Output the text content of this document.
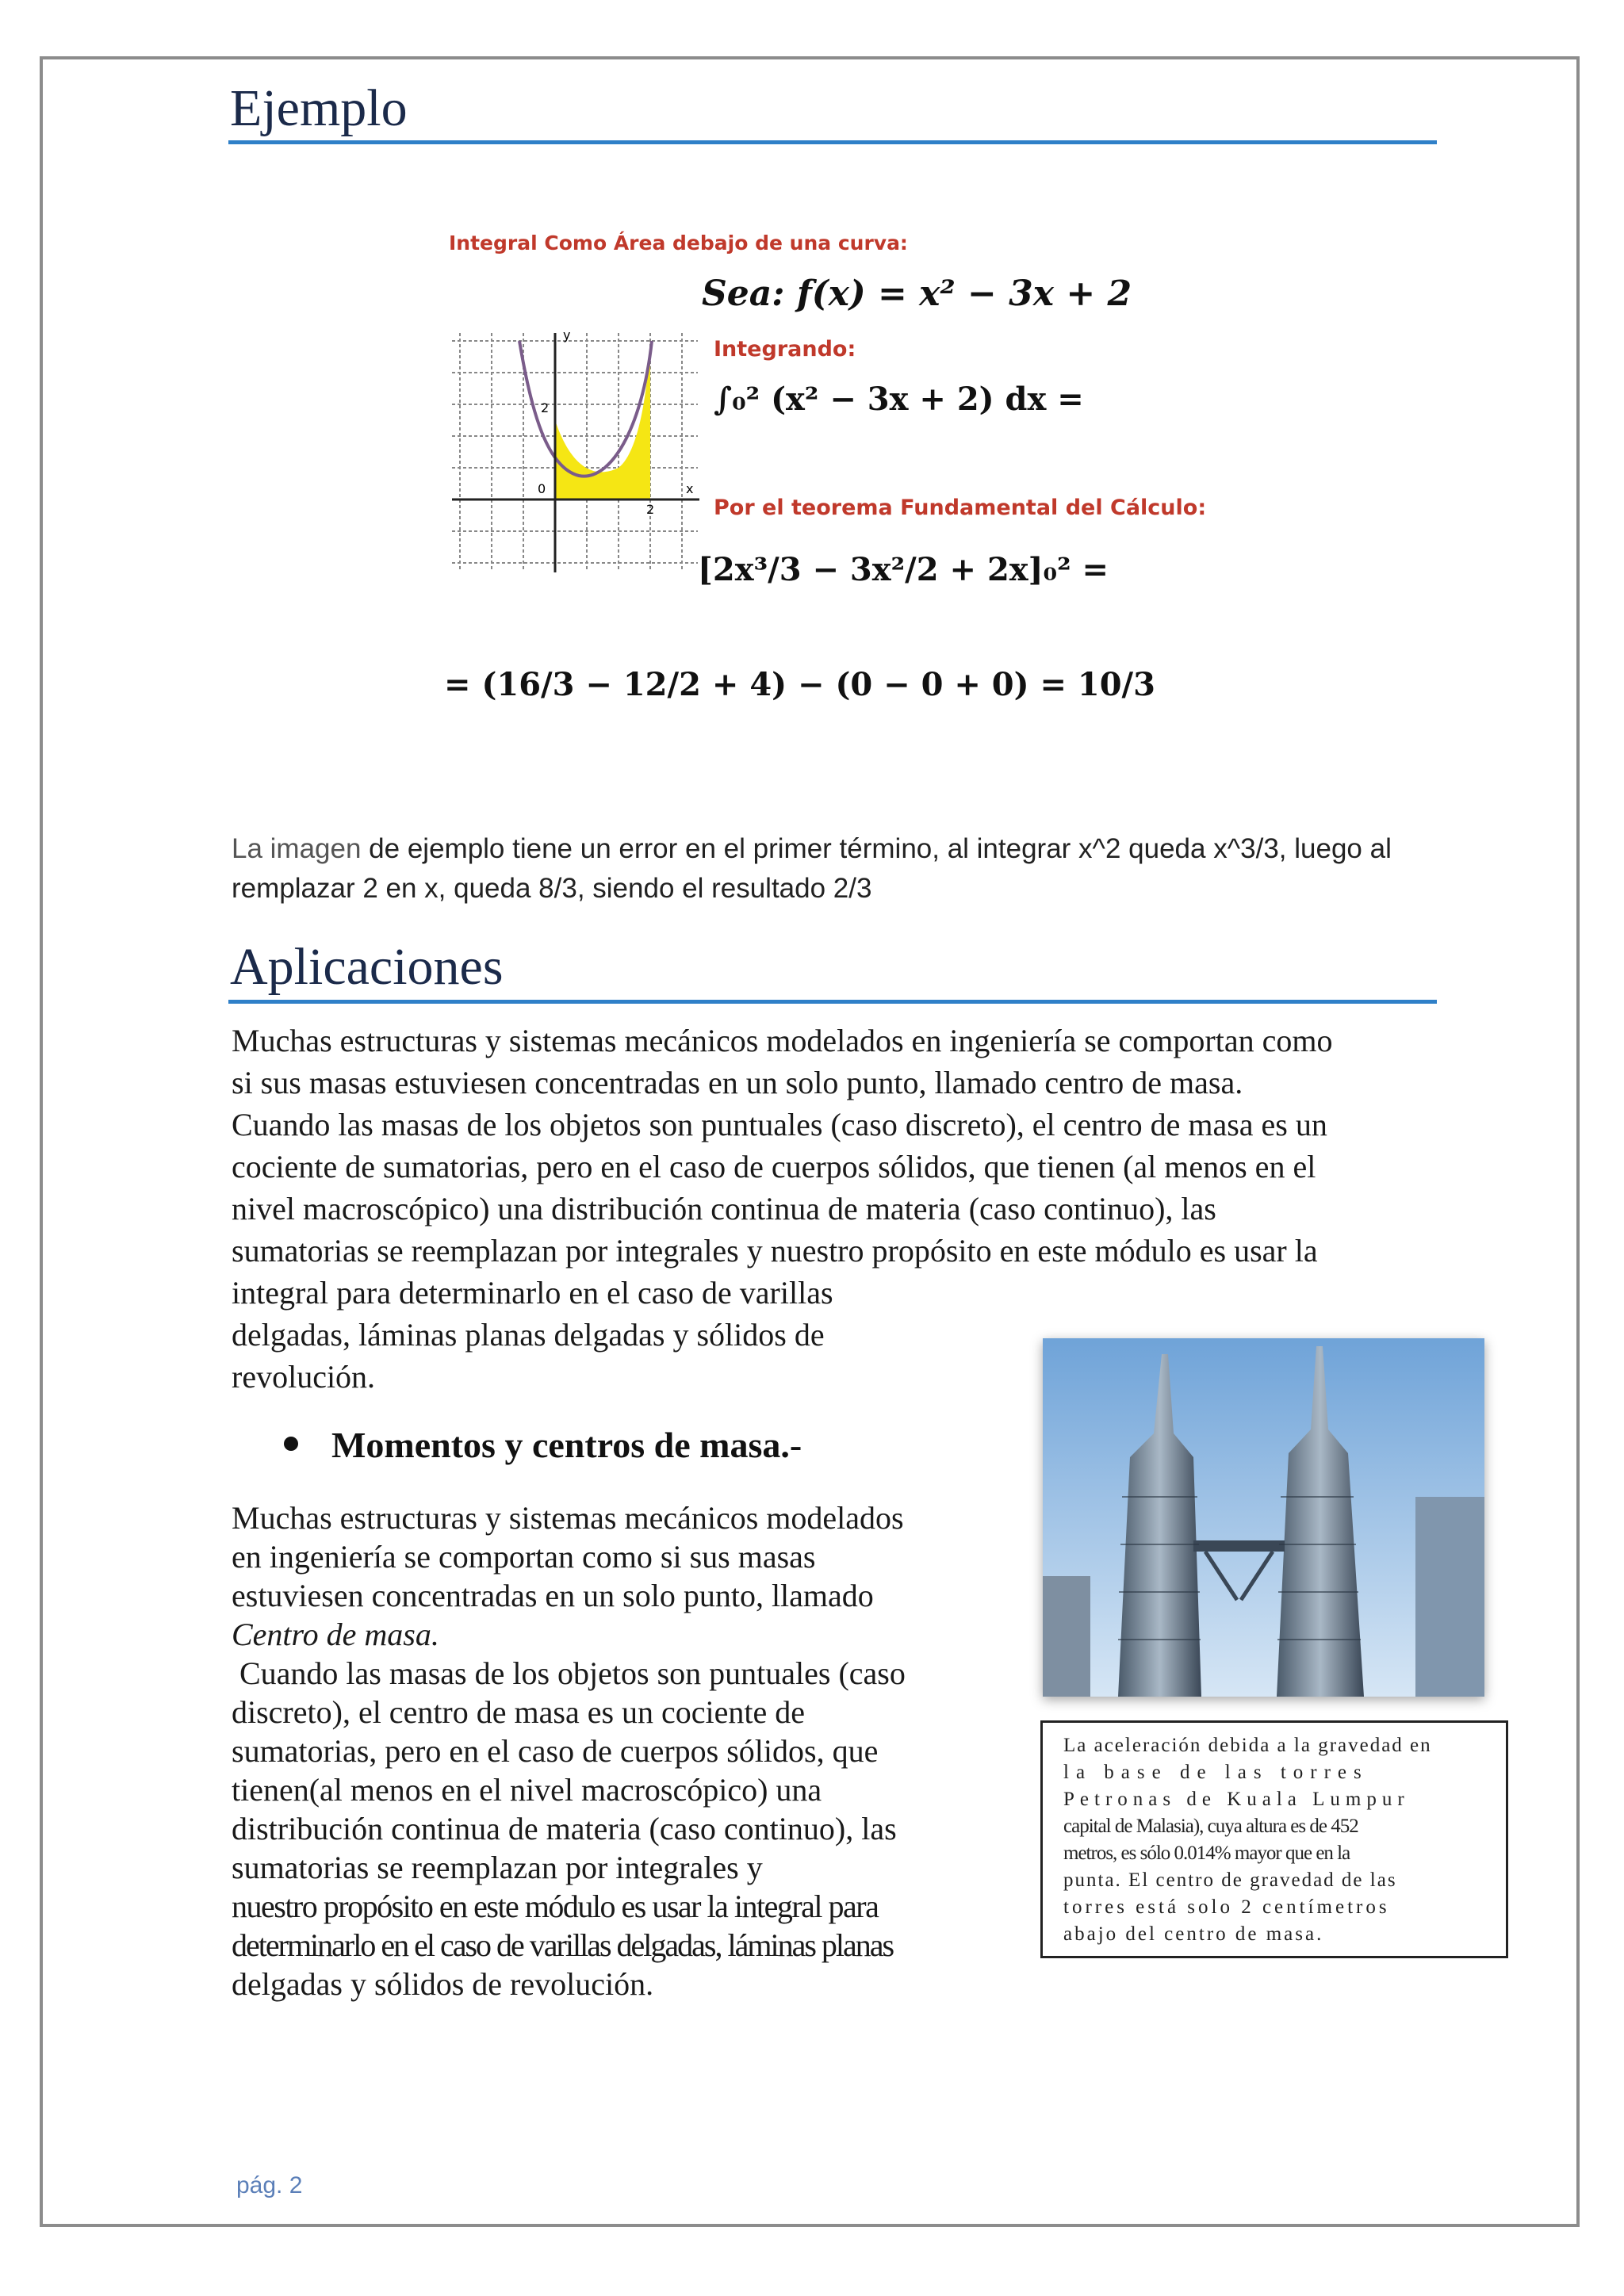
Ejemplo
Integral Como Área debajo de una curva:
Sea: f(x) = x² − 3x + 2
y
x
0
2
2
Integrando:
∫₀² (x² − 3x + 2) dx =
Por el teorema Fundamental del Cálculo:
[2x³/3 − 3x²/2 + 2x]₀² =
= (16/3 − 12/2 + 4) − (0 − 0 + 0) = 10/3

La imagen de ejemplo tiene un error en el primer término, al integrar x^2 queda x^3/3, luego al remplazar 2 en x, queda 8/3, siendo el resultado 2/3

Aplicaciones
Muchas estructuras y sistemas mecánicos modelados en ingeniería se comportan como
si sus masas estuviesen concentradas en un solo punto, llamado centro de masa.
Cuando las masas de los objetos son puntuales (caso discreto), el centro de masa es un
cociente de sumatorias, pero en el caso de cuerpos sólidos, que tienen (al menos en el
nivel macroscópico) una distribución continua de materia (caso continuo), las
sumatorias se reemplazan por integrales y nuestro propósito en este módulo es usar la
integral para determinarlo en el caso de varillas
delgadas, láminas planas delgadas y sólidos de
revolución.

Momentos y centros de masa.-

Muchas estructuras y sistemas mecánicos modelados
en ingeniería se comportan como si sus masas
estuviesen concentradas en un solo punto, llamado
Centro de masa.
Cuando las masas de los objetos son puntuales (caso
discreto), el centro de masa es un cociente de
sumatorias, pero en el caso de cuerpos sólidos, que
tienen(al menos en el nivel macroscópico) una
distribución continua de materia (caso continuo), las
sumatorias se reemplazan por integrales y
nuestro propósito en este módulo es usar la integral para
determinarlo en el caso de varillas delgadas, láminas planas
delgadas y sólidos de revolución.
La aceleración debida a la gravedad en
la base de las torres
Petronas de Kuala Lumpur
capital de Malasia), cuya altura es de 452
metros, es sólo 0.014% mayor que en la
punta. El centro de gravedad de las
torres está solo 2 centímetros
abajo del centro de masa.
pág. 2
